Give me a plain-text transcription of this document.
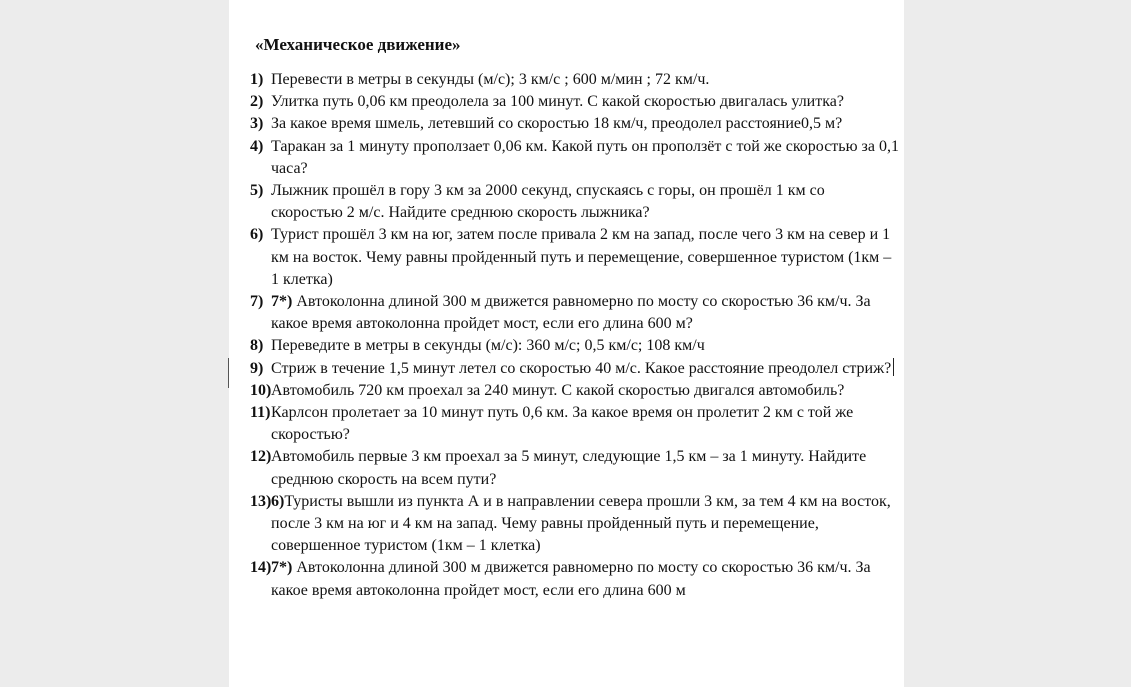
«Механическое движение»
1) Перевести в метры в секунды (м/с); 3 км/с ; 600 м/мин ; 72 км/ч.
2) Улитка путь 0,06 км преодолела за 100 минут. С какой скоростью двигалась улитка?
3) За какое время шмель, летевший со скоростью 18 км/ч, преодолел расстояние0,5 м?
4) Таракан за 1 минуту проползает 0,06 км. Какой путь он проползёт с той же скоростью за 0,1 часа?
5) Лыжник прошёл в гору 3 км за 2000 секунд, спускаясь с горы, он прошёл 1 км со скоростью 2 м/с. Найдите среднюю скорость лыжника?
6) Турист прошёл 3 км на юг, затем после привала 2 км на запад, после чего 3 км на север и 1 км на восток. Чему равны пройденный путь и перемещение, совершенное туристом (1км – 1 клетка)
7) 7*) Автоколонна длиной 300 м движется равномерно по мосту со скоростью 36 км/ч. За какое время автоколонна пройдет мост, если его длина 600 м?
8) Переведите в метры в секунды (м/с): 360 м/с; 0,5 км/с; 108 км/ч
9) Стриж в течение 1,5 минут летел со скоростью 40 м/с. Какое расстояние преодолел стриж?
10) Автомобиль 720 км проехал за 240 минут. С какой скоростью двигался автомобиль?
11) Карлсон пролетает за 10 минут путь 0,6 км. За какое время он пролетит 2 км с той же скоростью?
12) Автомобиль первые 3 км проехал за 5 минут, следующие 1,5 км – за 1 минуту. Найдите среднюю скорость на всем пути?
13) 6)Туристы вышли из пункта А и в направлении севера прошли 3 км, за тем 4 км на восток, после 3 км на юг и 4 км на запад. Чему равны пройденный путь и перемещение, совершенное туристом (1км – 1 клетка)
14) 7*) Автоколонна длиной 300 м движется равномерно по мосту со скоростью 36 км/ч. За какое время автоколонна пройдет мост, если его длина 600 м
